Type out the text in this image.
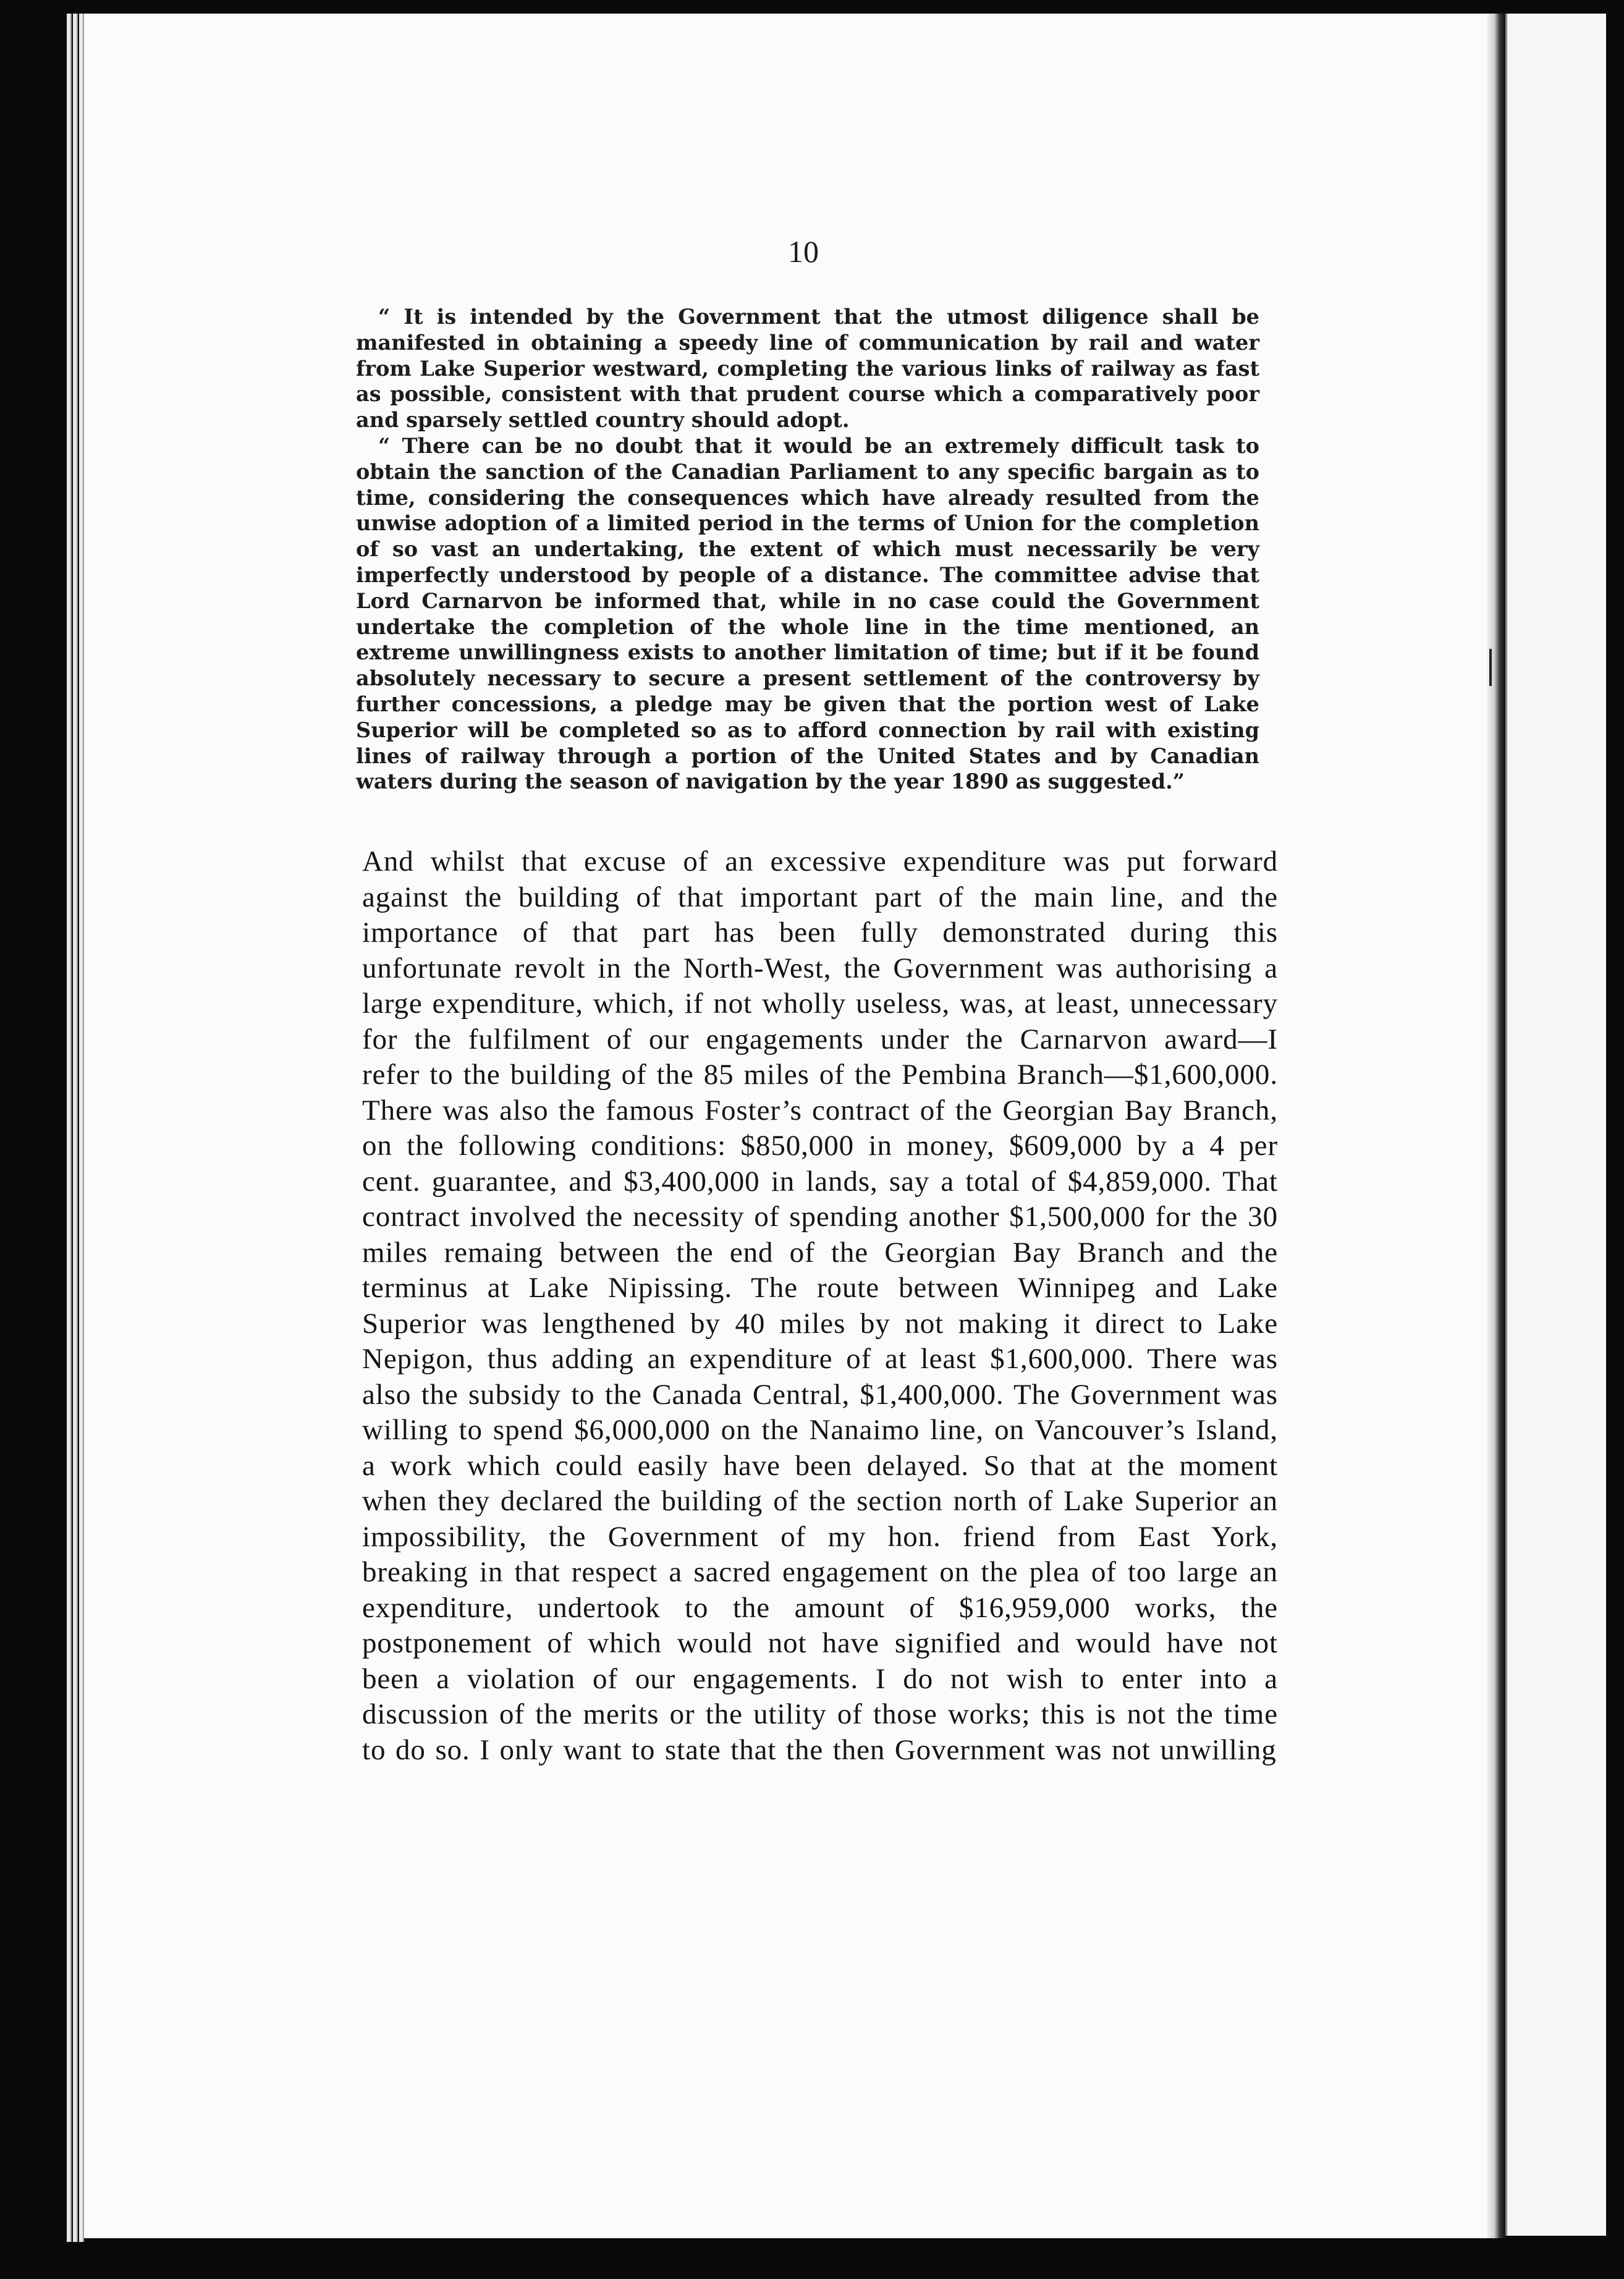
10

“ It is intended by the Government that the utmost diligence shall be manifested in obtaining a speedy line of communication by rail and water from Lake Superior westward, completing the various links of railway as fast as possible, consistent with that prudent course which a comparatively poor and sparsely settled country should adopt.

“ There can be no doubt that it would be an extremely difficult task to obtain the sanction of the Canadian Parliament to any specific bargain as to time, considering the consequences which have already resulted from the unwise adoption of a limited period in the terms of Union for the completion of so vast an undertaking, the extent of which must necessarily be very imperfectly understood by people of a distance. The committee advise that Lord Carnarvon be informed that, while in no case could the Government undertake the completion of the whole line in the time mentioned, an extreme unwillingness exists to another limitation of time; but if it be found absolutely necessary to secure a present settlement of the controversy by further concessions, a pledge may be given that the portion west of Lake Superior will be completed so as to afford connection by rail with existing lines of railway through a portion of the United States and by Canadian waters during the season of navigation by the year 1890 as suggested.”

And whilst that excuse of an excessive expenditure was put forward against the building of that important part of the main line, and the importance of that part has been fully demonstrated during this unfortunate revolt in the North-West, the Government was authorising a large expenditure, which, if not wholly useless, was, at least, unnecessary for the fulfilment of our engagements under the Carnarvon award—I refer to the building of the 85 miles of the Pembina Branch—$1,600,000. There was also the famous Foster’s contract of the Georgian Bay Branch, on the following conditions: $850,000 in money, $609,000 by a 4 per cent. guarantee, and $3,400,000 in lands, say a total of $4,859,000. That contract involved the necessity of spending another $1,500,000 for the 30 miles remaing between the end of the Georgian Bay Branch and the terminus at Lake Nipissing. The route between Winnipeg and Lake Superior was lengthened by 40 miles by not making it direct to Lake Nepigon, thus adding an expenditure of at least $1,600,000. There was also the subsidy to the Canada Central, $1,400,000. The Government was willing to spend $6,000,000 on the Nanaimo line, on Vancouver’s Island, a work which could easily have been delayed. So that at the moment when they declared the building of the section north of Lake Superior an impossibility, the Government of my hon. friend from East York, breaking in that respect a sacred engagement on the plea of too large an expenditure, undertook to the amount of $16,959,000 works, the postponement of which would not have signified and would have not been a violation of our engagements. I do not wish to enter into a discussion of the merits or the utility of those works; this is not the time to do so. I only want to state that the then Government was not unwilling
